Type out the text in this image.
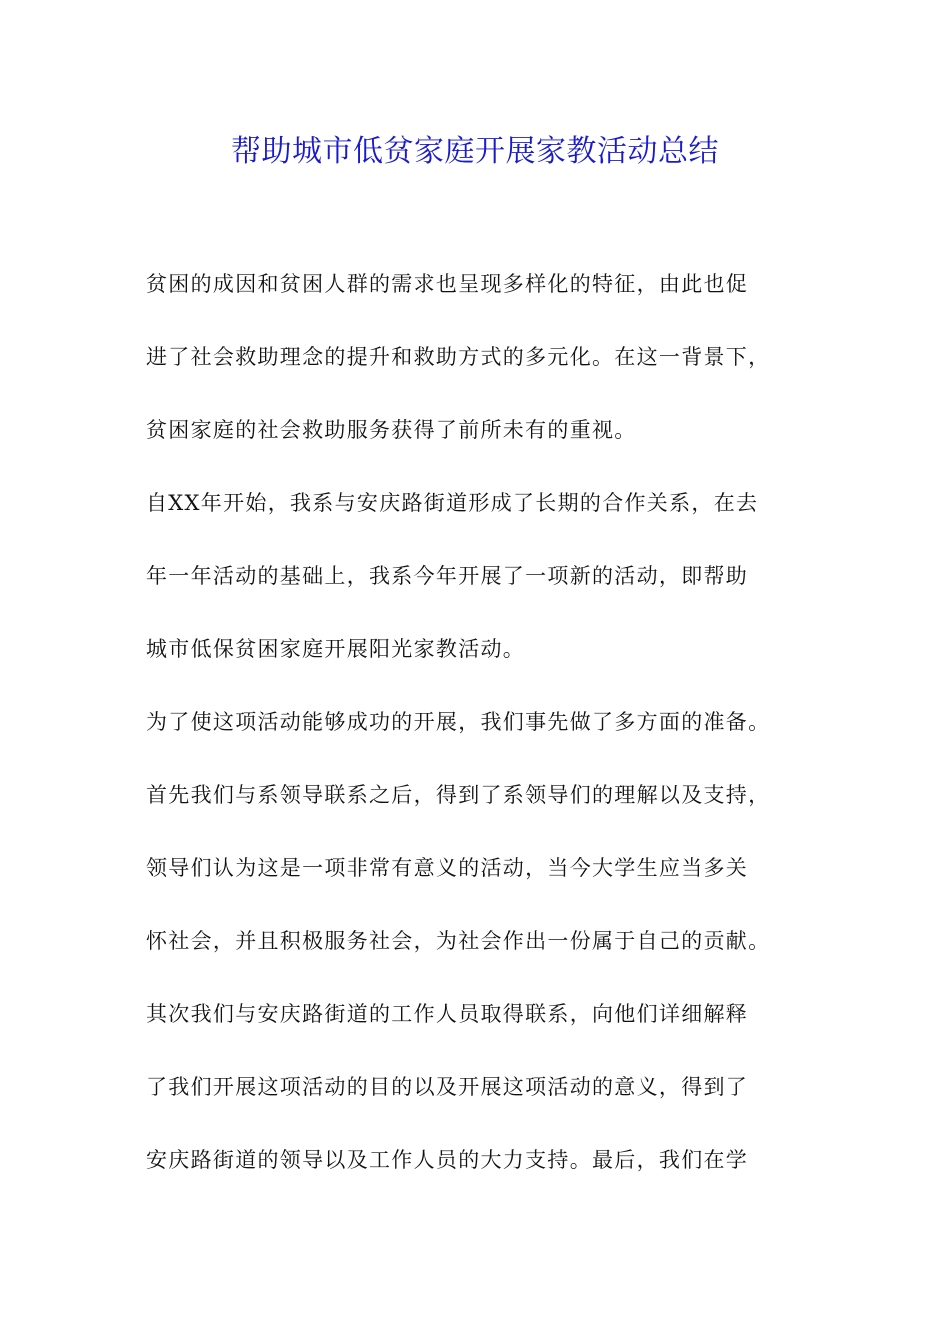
帮助城市低贫家庭开展家教活动总结
贫困的成因和贫困人群的需求也呈现多样化的特征，由此也促
进了社会救助理念的提升和救助方式的多元化。在这一背景下，
贫困家庭的社会救助服务获得了前所未有的重视。
自XX年开始，我系与安庆路街道形成了长期的合作关系，在去
年一年活动的基础上，我系今年开展了一项新的活动，即帮助
城市低保贫困家庭开展阳光家教活动。
为了使这项活动能够成功的开展，我们事先做了多方面的准备。
首先我们与系领导联系之后，得到了系领导们的理解以及支持，
领导们认为这是一项非常有意义的活动，当今大学生应当多关
怀社会，并且积极服务社会，为社会作出一份属于自己的贡献。
其次我们与安庆路街道的工作人员取得联系，向他们详细解释
了我们开展这项活动的目的以及开展这项活动的意义，得到了
安庆路街道的领导以及工作人员的大力支持。最后，我们在学
